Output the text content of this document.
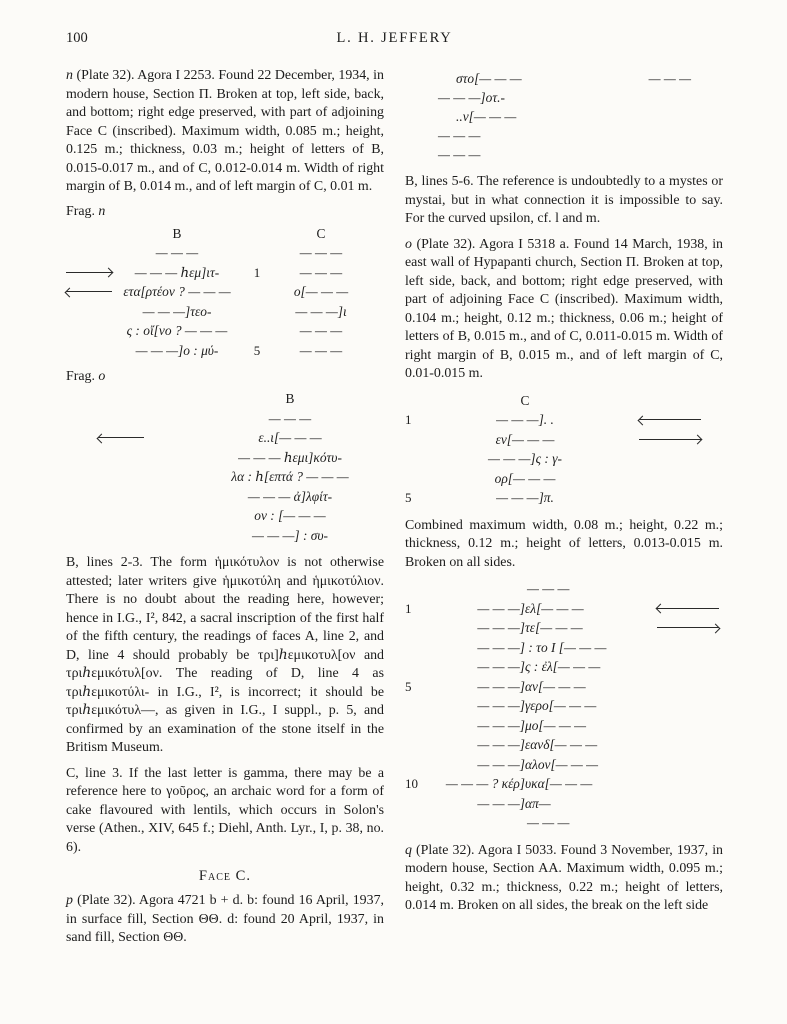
100	L. H. JEFFERY

n (Plate 32). Agora I 2253. Found 22 December, 1934, in modern house, Section Π. Broken at top, left side, back, and bottom; right edge preserved, with part of adjoining Face C (inscribed). Maximum width, 0.085 m.; height, 0.125 m.; thickness, 0.03 m.; height of letters of B, 0.015-0.017 m., and of C, 0.012-0.014 m. Width of right margin of B, 0.014 m., and of left margin of C, 0.01 m.

Frag. n

B	C
— — —	— — —
— — — ℎεμ]ιτ-	1	— — —
ετα[ρτέον ? — — —	ο[— — —
— — —]τεο-	— — —]ι
ς : οἴ[νο ? — — —	— — —
— — —]ο : μύ-	5	— — —

Frag. o

B
— — —
ε..ι[— — —
— — — ℎεμι]κότυ-
λα : ℎ[επτά ? — — —
— — — ἀ]λφίτ-
ον : [— — —
— — —] : συ-

B, lines 2-3. The form ἡμικότυλον is not otherwise attested; later writers give ἡμικοτύλη and ἡμικοτύλιον. There is no doubt about the reading here, however; hence in I.G., I², 842, a sacral inscription of the first half of the fifth century, the readings of faces A, line 2, and D, line 4 should probably be τρι]ℎεμικοτυλ[ον and τριℎεμικότυλ[ον. The reading of D, line 4 as τριℎεμικοτύλι- in I.G., I², is incorrect; it should be τριℎεμικότυλ—, as given in I.G., I suppl., p. 5, and confirmed by an examination of the stone itself in the Britism Museum.

C, line 3. If the last letter is gamma, there may be a reference here to γοῦρος, an archaic word for a form of cake flavoured with lentils, which occurs in Solon's verse (Athen., XIV, 645 f.; Diehl, Anth. Lyr., I, p. 38, no. 6).

Face C.

p (Plate 32). Agora 4721 b + d. b: found 16 April, 1937, in surface fill, Section ΘΘ. d: found 20 April, 1937, in sand fill, Section ΘΘ.

στο[— — —	— — —
— — —]οτ.-
..ν[— — —
— — —
— — —

B, lines 5-6. The reference is undoubtedly to a mystes or mystai, but in what connection it is impossible to say. For the curved upsilon, cf. l and m.

o (Plate 32). Agora I 5318 a. Found 14 March, 1938, in east wall of Hypapanti church, Section Π. Broken at top, left side, back, and bottom; right edge preserved, with part of adjoining Face C (inscribed). Maximum width, 0.104 m.; height, 0.12 m.; thickness, 0.06 m.; height of letters of B, 0.015 m., and of C, 0.011-0.015 m. Width of right margin of B, 0.015 m., and of left margin of C, 0.01-0.015 m.

C
1	— — —]. .
εν[— — —
— — —]ς : γ-
ορ[— — —
5	— — —]π.

Combined maximum width, 0.08 m.; height, 0.22 m.; thickness, 0.12 m.; height of letters, 0.013-0.015 m. Broken on all sides.

— — —
1	— — —] ελ[— — —
— — —] τε[— — —
— — —] : το Ι [— — —
— — —] ς : ἐλ[— — —
5	— — —] αν[— — —
— — —] γερο[— — —
— — —] μο[— — —
— — —] εανδ[— — —
— — —] αλον[— — —
10	— — — ? κέρ] υκα[— — —
— — —] απ—
— — —

q (Plate 32). Agora I 5033. Found 3 November, 1937, in modern house, Section AA. Maximum width, 0.095 m.; height, 0.32 m.; thickness, 0.22 m.; height of letters, 0.014 m. Broken on all sides, the break on the left side
